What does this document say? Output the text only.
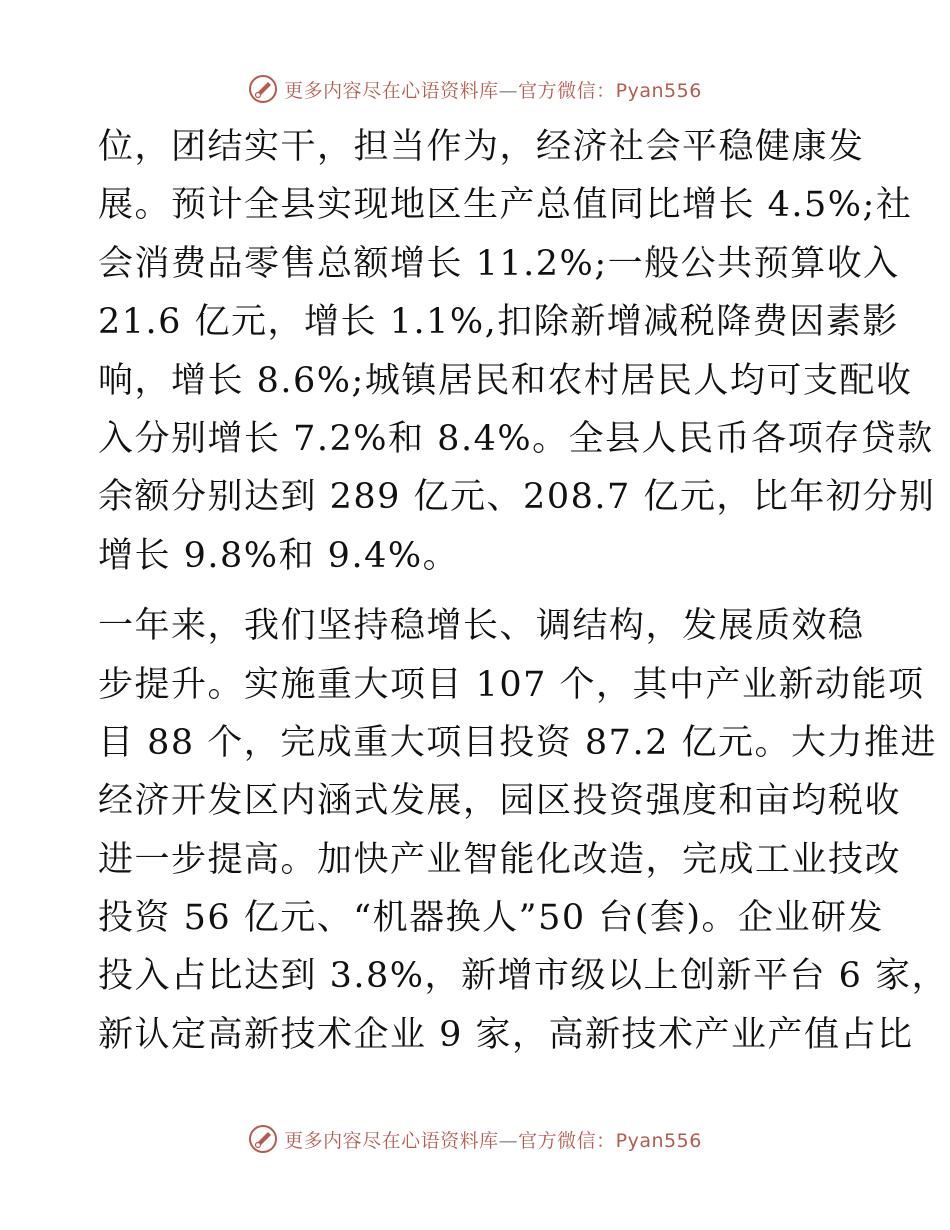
更多内容尽在心语资料库—官方微信：Pyan556
位，团结实干，担当作为，经济社会平稳健康发
展。预计全县实现地区生产总值同比增长 4.5%;社
会消费品零售总额增长 11.2%;一般公共预算收入
21.6 亿元，增长 1.1%,扣除新增减税降费因素影
响，增长 8.6%;城镇居民和农村居民人均可支配收
入分别增长 7.2%和 8.4%。全县人民币各项存贷款
余额分别达到 289 亿元、208.7 亿元，比年初分别
增长 9.8%和 9.4%。
一年来，我们坚持稳增长、调结构，发展质效稳
步提升。实施重大项目 107 个，其中产业新动能项
目 88 个，完成重大项目投资 87.2 亿元。大力推进
经济开发区内涵式发展，园区投资强度和亩均税收
进一步提高。加快产业智能化改造，完成工业技改
投资 56 亿元、“机器换人”50 台(套)。企业研发
投入占比达到 3.8%，新增市级以上创新平台 6 家，
新认定高新技术企业 9 家，高新技术产业产值占比
更多内容尽在心语资料库—官方微信：Pyan556
